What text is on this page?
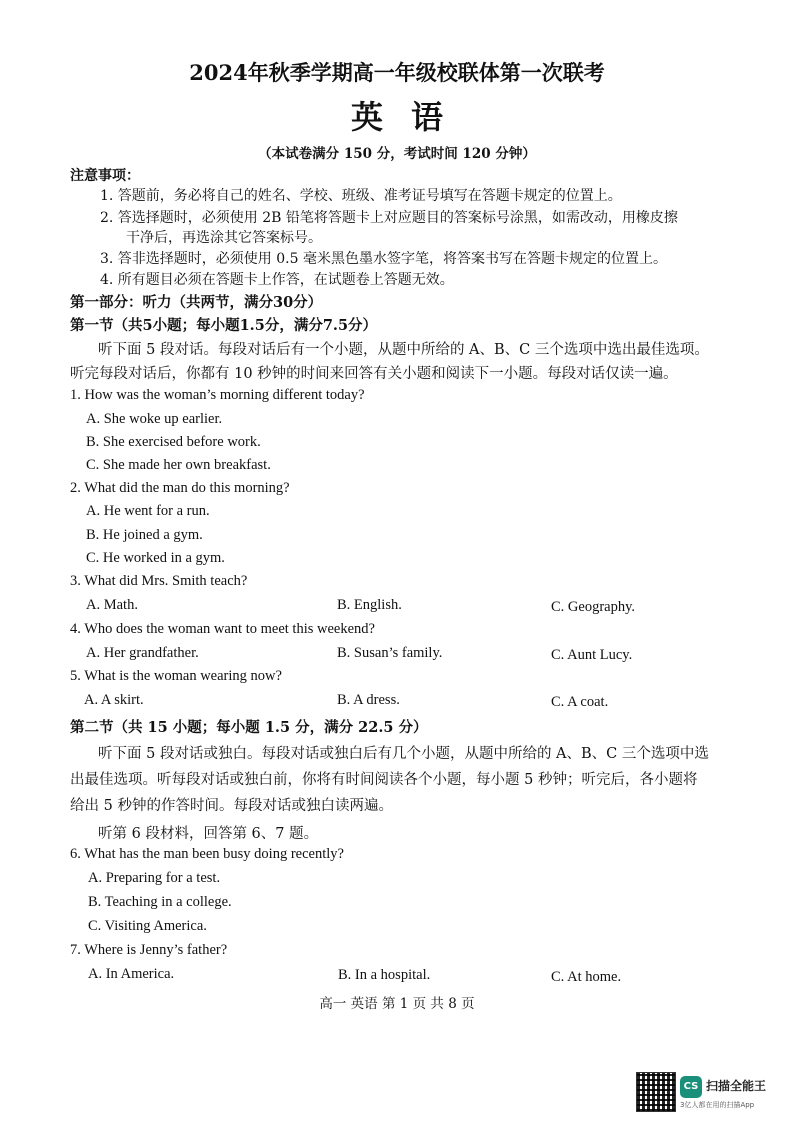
2024年秋季学期高一年级校联体第一次联考
英语
（本试卷满分 150 分，考试时间 120 分钟）
注意事项：
1. 答题前，务必将自己的姓名、学校、班级、准考证号填写在答题卡规定的位置上。
2. 答选择题时，必须使用 2B 铅笔将答题卡上对应题目的答案标号涂黑，如需改动，用橡皮擦
干净后，再选涂其它答案标号。
3. 答非选择题时，必须使用 0.5 毫米黑色墨水签字笔，将答案书写在答题卡规定的位置上。
4. 所有题目必须在答题卡上作答，在试题卷上答题无效。
第一部分：听力（共两节，满分30分）
第一节（共5小题；每小题1.5分，满分7.5分）
听下面 5 段对话。每段对话后有一个小题，从题中所给的 A、B、C 三个选项中选出最佳选项。
听完每段对话后，你都有 10 秒钟的时间来回答有关小题和阅读下一小题。每段对话仅读一遍。
1. How was the woman’s morning different today?
A. She woke up earlier.
B. She exercised before work.
C. She made her own breakfast.
2. What did the man do this morning?
A. He went for a run.
B. He joined a gym.
C. He worked in a gym.
3. What did Mrs. Smith teach?
A. Math.	B. English.	C. Geography.
4. Who does the woman want to meet this weekend?
A. Her grandfather.	B. Susan’s family.	C. Aunt Lucy.
5. What is the woman wearing now?
A. A skirt.	B. A dress.	C. A coat.
第二节（共 15 小题；每小题 1.5 分，满分 22.5 分）
听下面 5 段对话或独白。每段对话或独白后有几个小题，从题中所给的 A、B、C 三个选项中选
出最佳选项。听每段对话或独白前，你将有时间阅读各个小题，每小题 5 秒钟；听完后，各小题将
给出 5 秒钟的作答时间。每段对话或独白读两遍。
听第 6 段材料，回答第 6、7 题。
6. What has the man been busy doing recently?
A. Preparing for a test.
B. Teaching in a college.
C. Visiting America.
7. Where is Jenny’s father?
A. In America.	B. In a hospital.	C. At home.
高一 英语 第 1 页 共 8 页
CS 扫描全能王
3亿人都在用的扫描App
